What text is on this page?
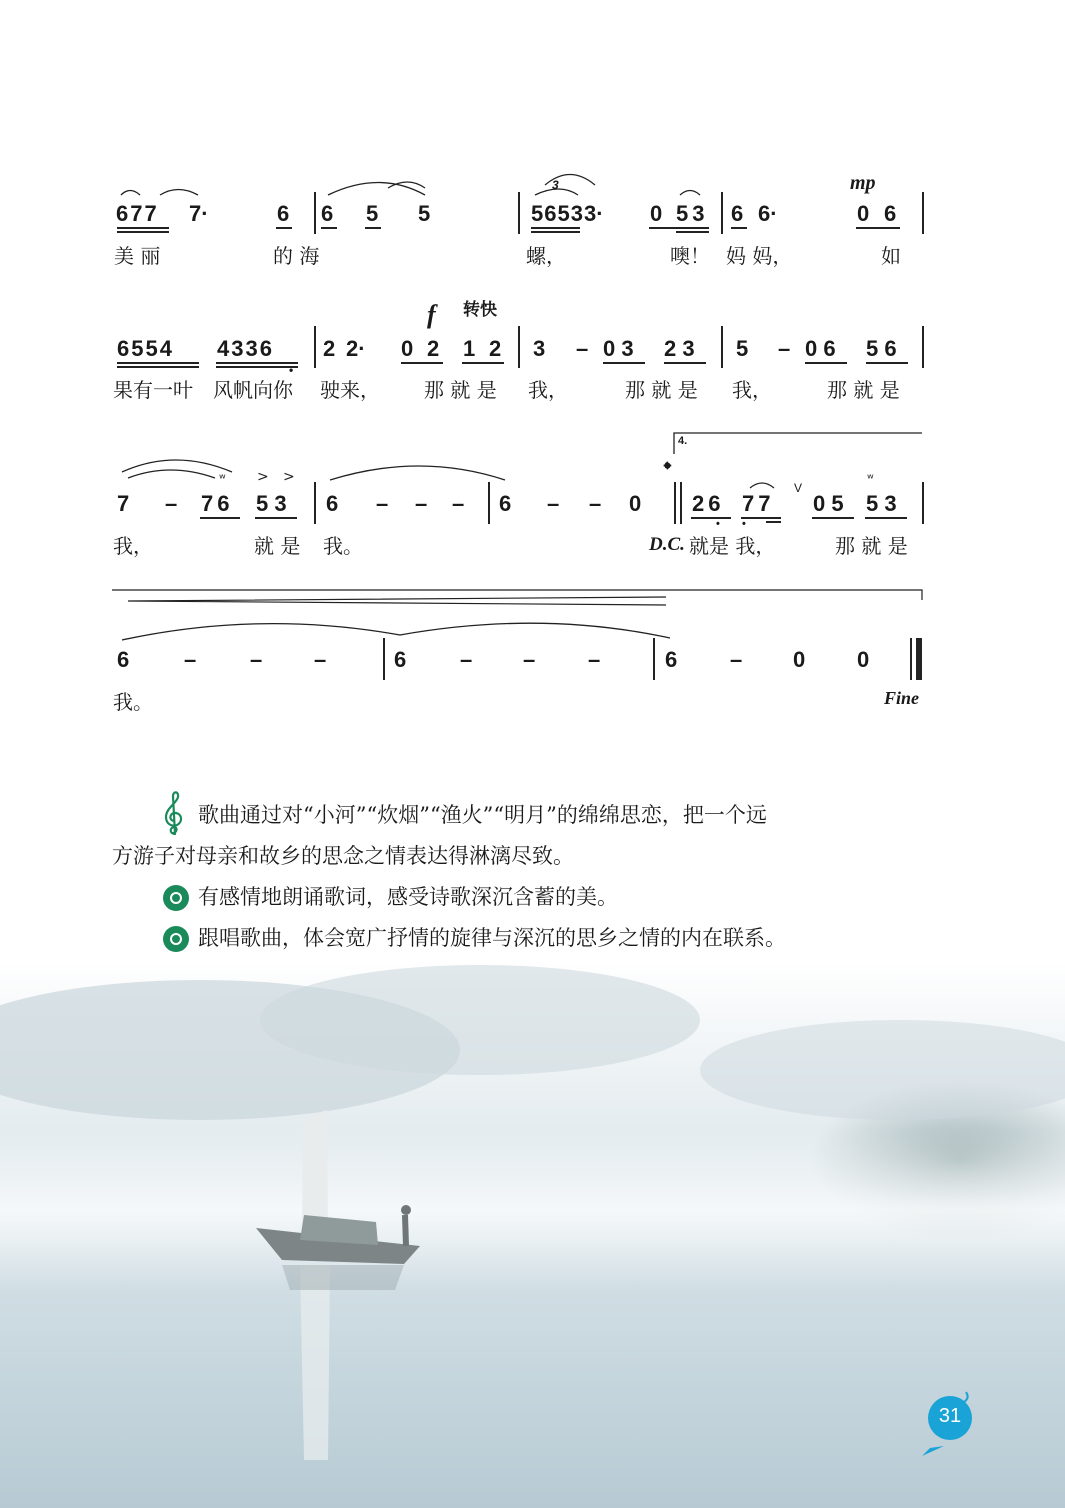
3	mp
677 7·	6 6 5 5	5653 3· 0 53 6 6·	0 6
美 丽	的 海	螺，	噢！ 妈 妈，	如
f 转快
6554 4336 2 2· 0 2 1 2 3 – 0 3 2 3 5 – 0 6 5 6
•
果有一叶 风帆向你 驶来， 那 就 是 我，	那 就 是 我，	那 就 是
ʷ	ʷ
> >
4.
𝄌
V
7 – 76 5 3 6 – – – 6 – – 0 26 77 0 5 5 3
• •
我，	就 是 我。	D.C. 就是 我，	那 就 是
6 – – –	6 – – –	6 – 0 0
我。	Fine
歌曲通过对“小河”“炊烟”“渔火”“明月”的绵绵思恋，把一个远
方游子对母亲和故乡的思念之情表达得淋漓尽致。
有感情地朗诵歌词，感受诗歌深沉含蓄的美。
跟唱歌曲，体会宽广抒情的旋律与深沉的思乡之情的内在联系。
31
